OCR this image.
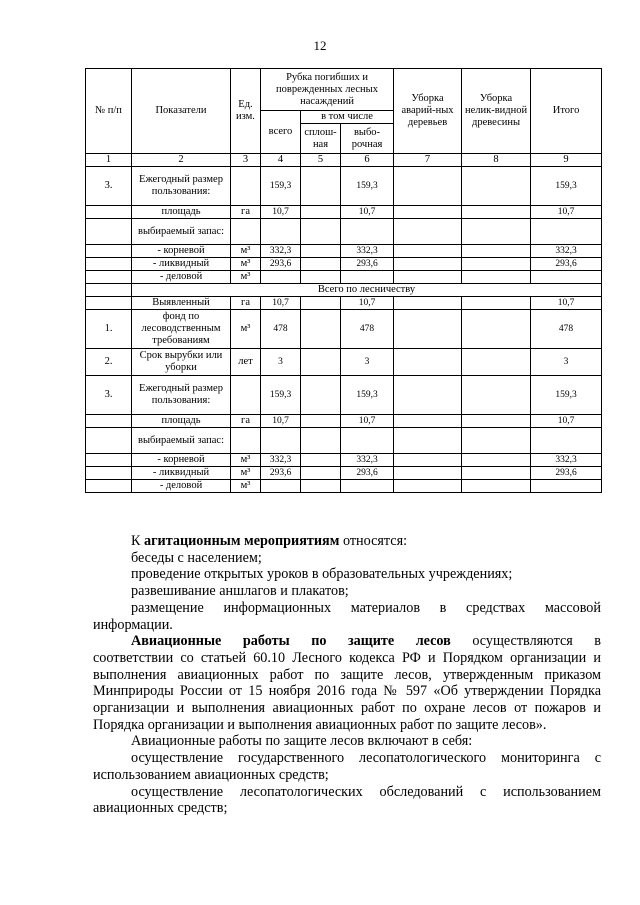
12
№ п/п	Показатели	Ед. изм.	Рубка погибших и поврежденных лесных насаждений			Уборка аварий-ных деревьев	Уборка нелик-видной древесины	Итого
			всего	в том числе				
				сплош-ная	выбо-рочная			
1	2	3	4	5	6	7	8	9
3.	Ежегодный размер пользования:		159,3		159,3			159,3
	площадь	га	10,7		10,7			10,7
	выбираемый запас:							
	- корневой	м³	332,3		332,3			332,3
	- ликвидный	м³	293,6		293,6			293,6
	- деловой	м³						
	Всего по лесничеству							
	Выявленный	га	10,7		10,7			10,7
1.	фонд по лесоводственным требованиям	м³	478		478			478
2.	Срок вырубки или уборки	лет	3		3			3
3.	Ежегодный размер пользования:		159,3		159,3			159,3
	площадь	га	10,7		10,7			10,7
	выбираемый запас:							
	- корневой	м³	332,3		332,3			332,3
	- ликвидный	м³	293,6		293,6			293,6
	- деловой	м³						

К агитационным мероприятиям относятся:

беседы с населением;

проведение открытых уроков в образовательных учреждениях;

развешивание аншлагов и плакатов;

размещение информационных материалов в средствах массовой

информации.

Авиационные работы по защите лесов осуществляются в

соответствии со статьей 60.10 Лесного кодекса РФ и Порядком организации и выполнения авиационных работ по защите лесов, утвержденным приказом Минприроды России от 15 ноября 2016 года № 597 «Об утверждении Порядка организации и выполнения авиационных работ по охране лесов от пожаров и Порядка организации и выполнения авиационных работ по защите лесов».

Авиационные работы по защите лесов включают в себя:

осуществление государственного лесопатологического мониторинга с использованием авиационных средств;

осуществление лесопатологических обследований с использованием авиационных средств;
